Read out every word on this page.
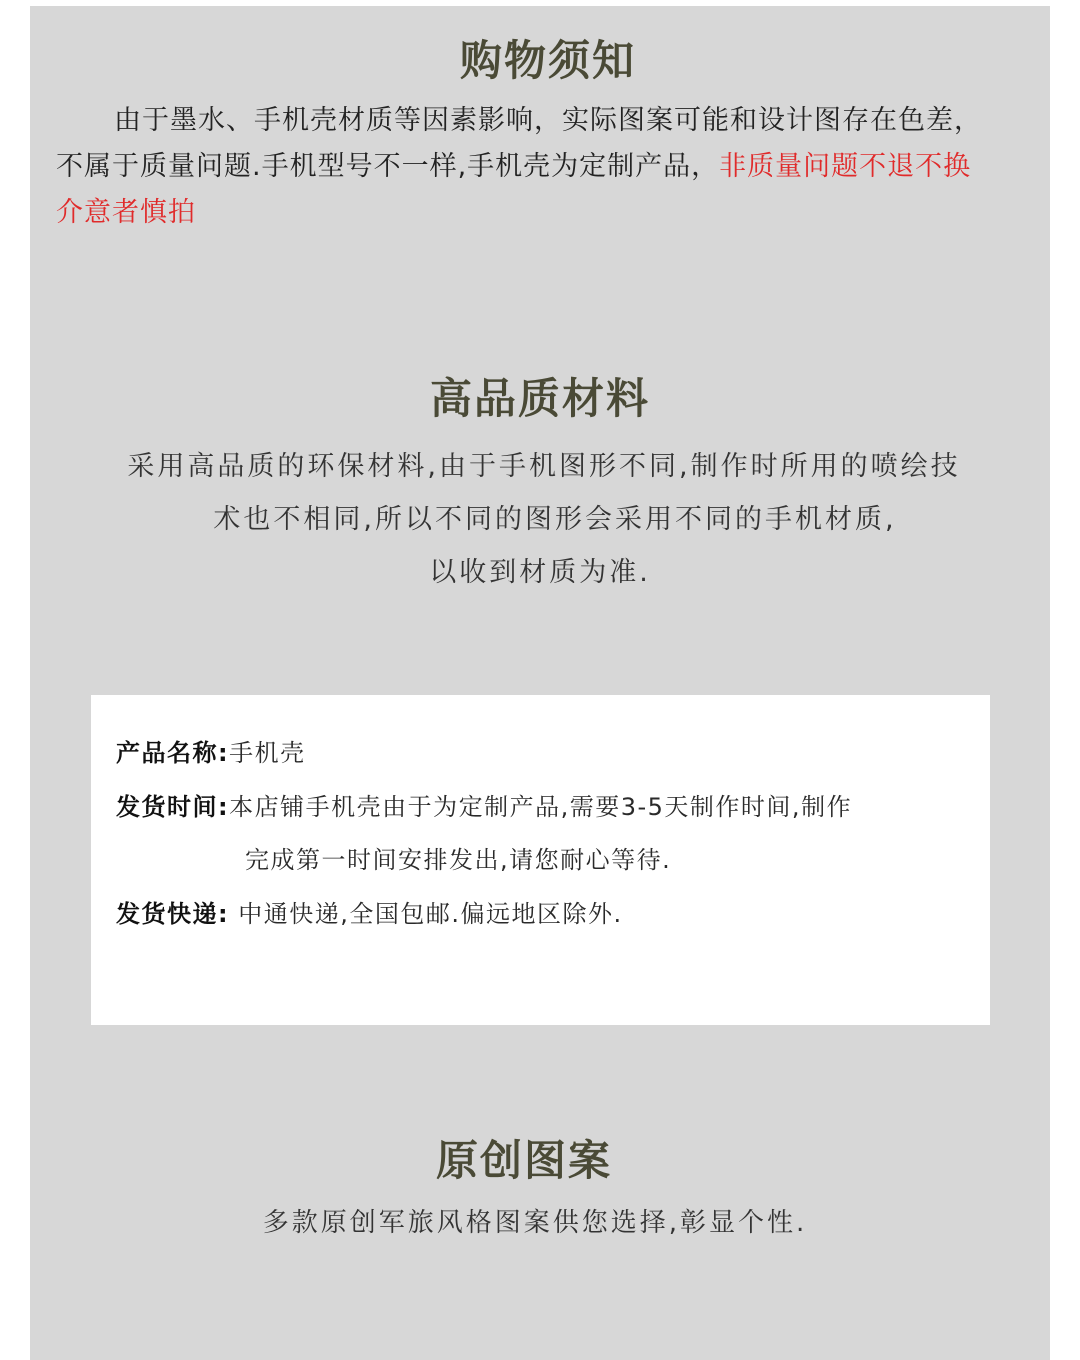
购物须知
由于墨水、手机壳材质等因素影响，实际图案可能和设计图存在色差，
不属于质量问题.手机型号不一样,手机壳为定制产品，非质量问题不退不换
介意者慎拍
高品质材料
采用高品质的环保材料,由于手机图形不同,制作时所用的喷绘技
术也不相同,所以不同的图形会采用不同的手机材质,
以收到材质为准.
产品名称:手机壳
发货时间:本店铺手机壳由于为定制产品,需要3-5天制作时间,制作
完成第一时间安排发出,请您耐心等待.
发货快递: 中通快递,全国包邮.偏远地区除外.
原创图案
多款原创军旅风格图案供您选择,彰显个性.
